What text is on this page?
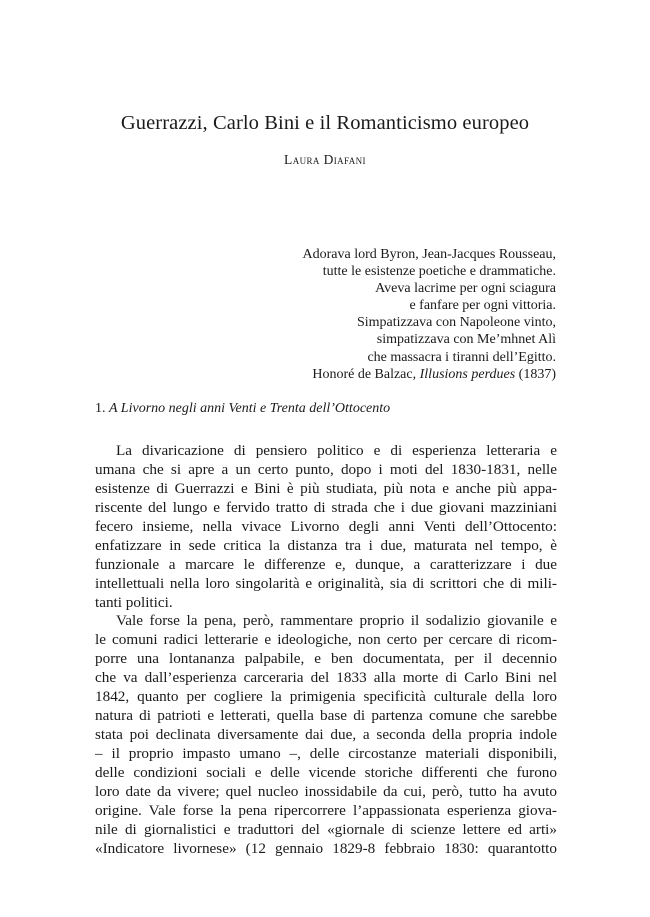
Guerrazzi, Carlo Bini e il Romanticismo europeo
Laura Diafani
Adorava lord Byron, Jean-Jacques Rousseau,
tutte le esistenze poetiche e drammatiche.
Aveva lacrime per ogni sciagura
e fanfare per ogni vittoria.
Simpatizzava con Napoleone vinto,
simpatizzava con Me’mhnet Alì
che massacra i tiranni dell’Egitto.
Honoré de Balzac, Illusions perdues (1837)
1. A Livorno negli anni Venti e Trenta dell’Ottocento
La divaricazione di pensiero politico e di esperienza letteraria e
umana che si apre a un certo punto, dopo i moti del 1830-1831, nelle
esistenze di Guerrazzi e Bini è più studiata, più nota e anche più appa-
riscente del lungo e fervido tratto di strada che i due giovani mazziniani
fecero insieme, nella vivace Livorno degli anni Venti dell’Ottocento:
enfatizzare in sede critica la distanza tra i due, maturata nel tempo, è
funzionale a marcare le differenze e, dunque, a caratterizzare i due
intellettuali nella loro singolarità e originalità, sia di scrittori che di mili-
tanti politici.
Vale forse la pena, però, rammentare proprio il sodalizio giovanile e
le comuni radici letterarie e ideologiche, non certo per cercare di ricom-
porre una lontananza palpabile, e ben documentata, per il decennio
che va dall’esperienza carceraria del 1833 alla morte di Carlo Bini nel
1842, quanto per cogliere la primigenia specificità culturale della loro
natura di patrioti e letterati, quella base di partenza comune che sarebbe
stata poi declinata diversamente dai due, a seconda della propria indole
– il proprio impasto umano –, delle circostanze materiali disponibili,
delle condizioni sociali e delle vicende storiche differenti che furono
loro date da vivere; quel nucleo inossidabile da cui, però, tutto ha avuto
origine. Vale forse la pena ripercorrere l’appassionata esperienza giova-
nile di giornalistici e traduttori del «giornale di scienze lettere ed arti»
«Indicatore livornese» (12 gennaio 1829-8 febbraio 1830: quarantotto
